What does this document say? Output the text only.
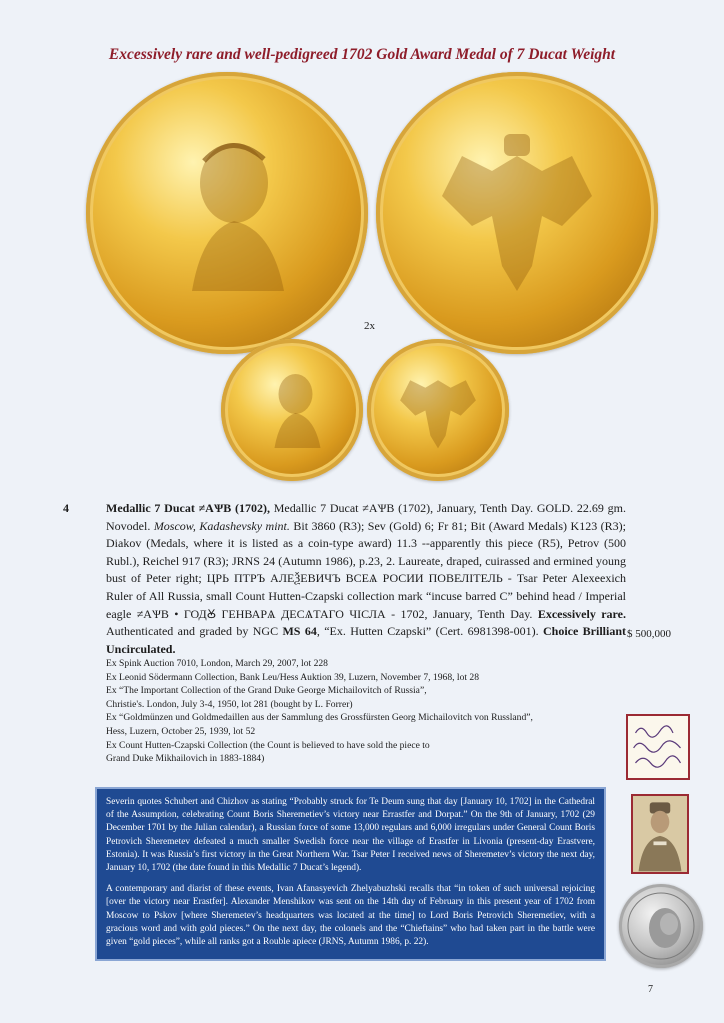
Excessively rare and well-pedigreed 1702 Gold Award Medal of 7 Ducat Weight
2x
4	Medallic 7 Ducat ≠АѰВ (1702), Medallic 7 Ducat ≠АѰВ (1702), January, Tenth Day. GOLD. 22.69 gm. Novodel. Moscow, Kadashevsky mint. Bit 3860 (R3); Sev (Gold) 6; Fr 81; Bit (Award Medals) K123 (R3); Diakov (Medals, where it is listed as a coin-type award) 11.3 --apparently this piece (R5), Petrov (500 Rubl.), Reichel 917 (R3); JRNS 24 (Autumn 1986), p.23, 2. Laureate, draped, cuirassed and ermined young bust of Peter right; ЦРЬ ПТРЪ АЛЕѮЕВИЧЪ ВСЕѦ РОСИИ ПОВЕЛІТЕЛЬ - Tsar Peter Alexeexich Ruler of All Russia, small Count Hutten-Czapski collection mark “incuse barred C” behind head / Imperial eagle ≠АѰВ • ГОДꙊ ГЕНВАРѦ ДЕСѦТАГО ЧІСЛА - 1702, January, Tenth Day. Excessively rare. Authenticated and graded by NGC MS 64, “Ex. Hutten Czapski” (Cert. 6981398-001). Choice Brilliant Uncirculated.
$ 500,000
Ex Spink Auction 7010, London, March 29, 2007, lot 228
Ex Leonid Södermann Collection, Bank Leu/Hess Auktion 39, Luzern, November 7, 1968, lot 28
Ex “The Important Collection of the Grand Duke George Michailovitch of Russia”,
Christie's. London, July 3-4, 1950, lot 281 (bought by L. Forrer)
Ex “Goldmünzen und Goldmedaillen aus der Sammlung des Grossfürsten Georg Michailovitch von Russland”,
Hess, Luzern, October 25, 1939, lot 52
Ex Count Hutten-Czapski Collection (the Count is believed to have sold the piece to
Grand Duke Mikhailovich in 1883-1884)

Severin quotes Schubert and Chizhov as stating “Probably struck for Te Deum sung that day [January 10, 1702] in the Cathedral of the Assumption, celebrating Count Boris Sheremetiev’s victory near Errastfer and Dorpat.” On the 9th of January, 1702 (29 December 1701 by the Julian calendar), a Russian force of some 13,000 regulars and 6,000 irregulars under General Count Boris Petrovich Sheremetev defeated a much smaller Swedish force near the village of Erastfer in Livonia (present-day Erastvere, Estonia). It was Russia’s first victory in the Great Northern War. Tsar Peter I received news of Sheremetev’s victory the next day, January 10, 1702 (the date found in this Medallic 7 Ducat’s legend).

A contemporary and diarist of these events, Ivan Afanasyevich Zhelyabuzhski recalls that “in token of such universal rejoicing [over the victory near Erastfer]. Alexander Menshikov was sent on the 14th day of February in this present year of 1702 from Moscow to Pskov [where Sheremetev’s headquarters was located at the time] to Lord Boris Petrovich Sheremetiev, with a gracious word and with gold pieces.” On the next day, the colonels and the “Chieftains” who had taken part in the battle were given “gold pieces”, while all ranks got a Rouble apiece (JRNS, Autumn 1986, p. 22).

7
